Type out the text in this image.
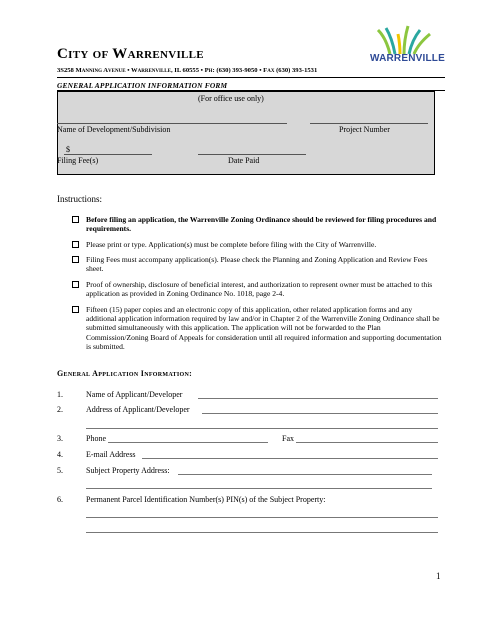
City of Warrenville
3S258 Manning Avenue • Warrenville, IL 60555 • Ph: (630) 393-9050 • Fax (630) 393-1531
WARRENVILLE
GENERAL APPLICATION INFORMATION FORM
(For office use only)
Name of Development/Subdivision	Project Number
$
Filing Fee(s)	Date Paid
Instructions:
Before filing an application, the Warrenville Zoning Ordinance should be reviewed for filing procedures and requirements.
Please print or type. Application(s) must be complete before filing with the City of Warrenville.
Filing Fees must accompany application(s). Please check the Planning and Zoning Application and Review Fees sheet.
Proof of ownership, disclosure of beneficial interest, and authorization to represent owner must be attached to this application as provided in Zoning Ordinance No. 1018, page 2-4.
Fifteen (15) paper copies and an electronic copy of this application, other related application forms and any additional application information required by law and/or in Chapter 2 of the Warrenville Zoning Ordinance shall be submitted simultaneously with this application. The application will not be forwarded to the Plan Commission/Zoning Board of Appeals for consideration until all required information and supporting documentation is submitted.
General Application Information:
1.	Name of Applicant/Developer
2.	Address of Applicant/Developer
3.	Phone	Fax
4.	E-mail Address
5.	Subject Property Address:
6.	Permanent Parcel Identification Number(s) PIN(s) of the Subject Property:
1
